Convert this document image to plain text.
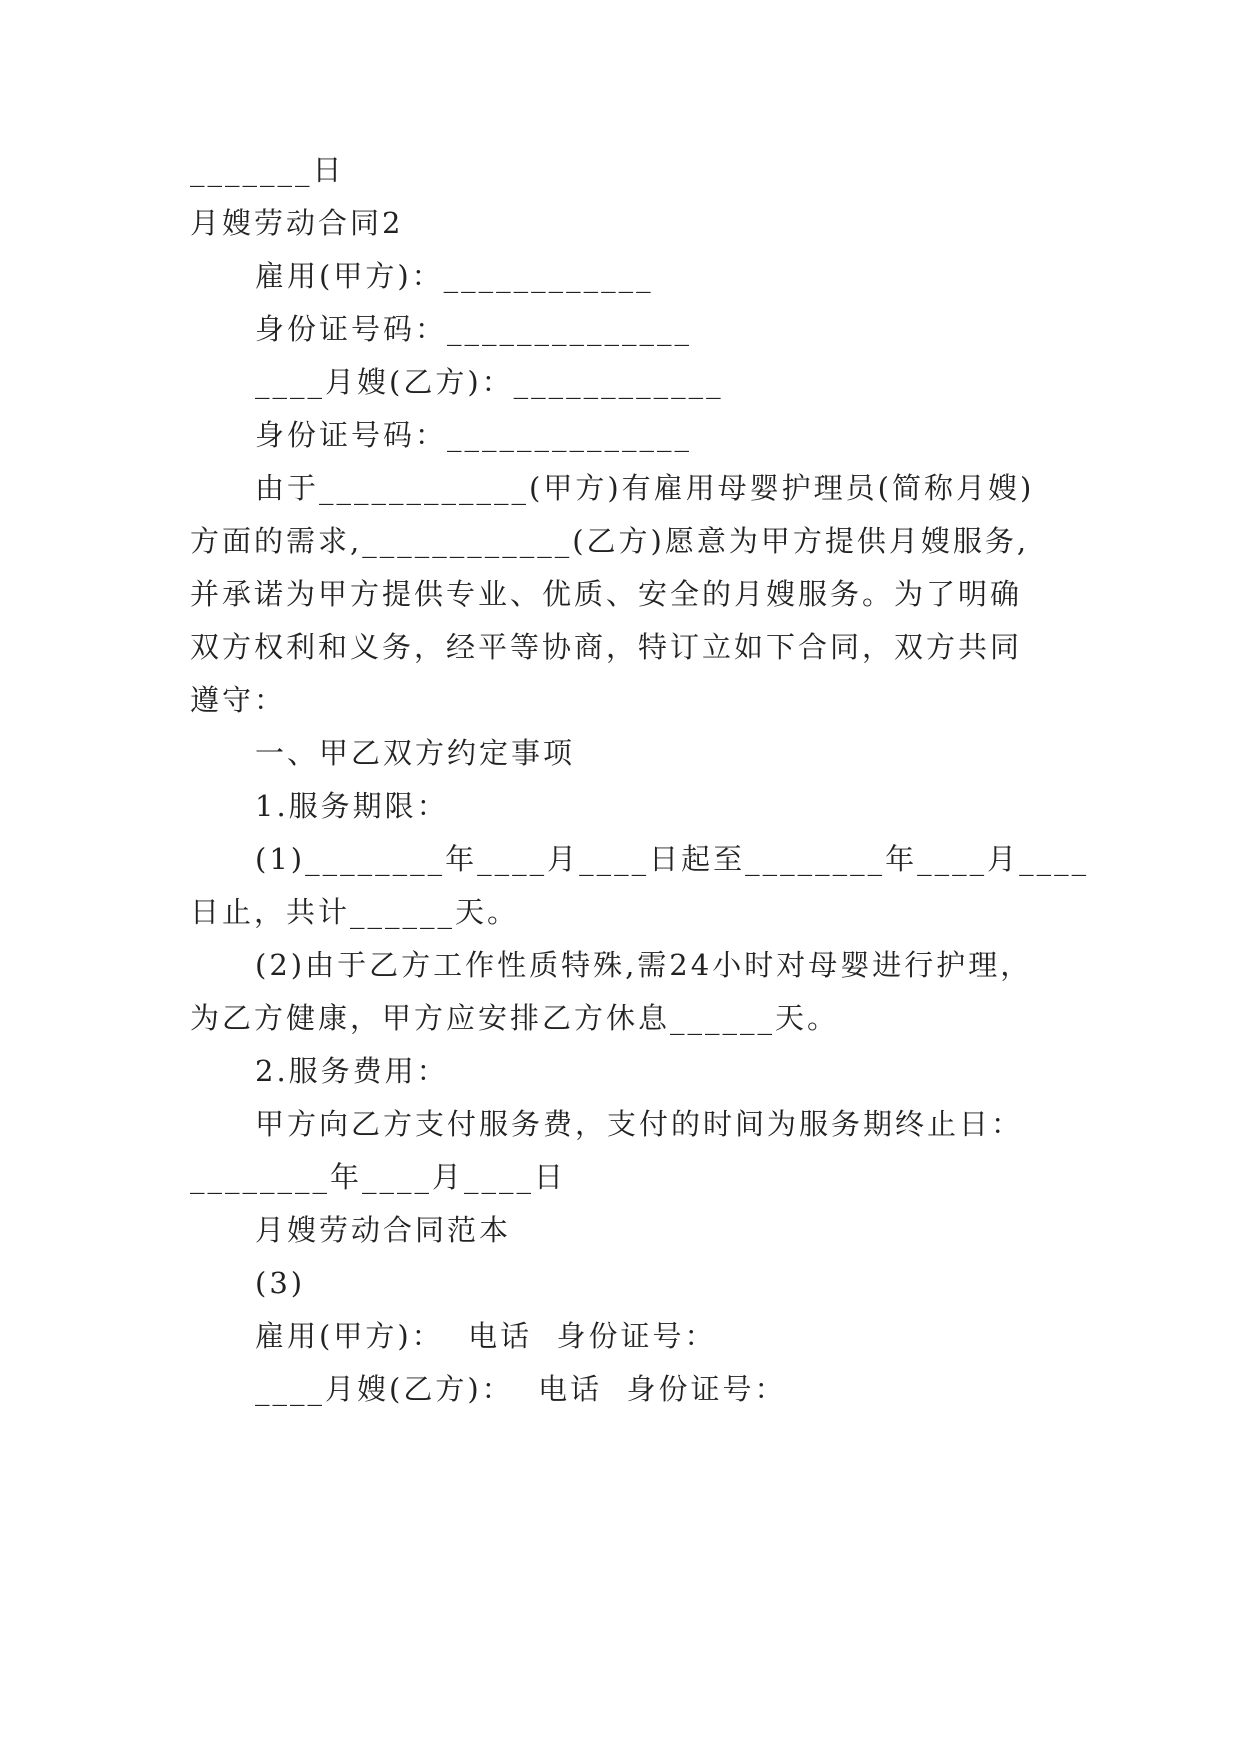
_______日
月嫂劳动合同2
雇用(甲方)：____________
身份证号码：______________
____月嫂(乙方)：____________
身份证号码：______________
由于____________(甲方)有雇用母婴护理员(简称月嫂)
方面的需求,____________(乙方)愿意为甲方提供月嫂服务,
并承诺为甲方提供专业、优质、安全的月嫂服务。为了明确
双方权利和义务，经平等协商，特订立如下合同，双方共同
遵守：
一、甲乙双方约定事项
1.服务期限：
(1)________年____月____日起至________年____月____
日止，共计______天。
(2)由于乙方工作性质特殊,需24小时对母婴进行护理，
为乙方健康，甲方应安排乙方休息______天。
2.服务费用：
甲方向乙方支付服务费，支付的时间为服务期终止日：
________年____月____日
月嫂劳动合同范本
(3)
雇用(甲方)：  电话  身份证号：
____月嫂(乙方)：  电话  身份证号：
